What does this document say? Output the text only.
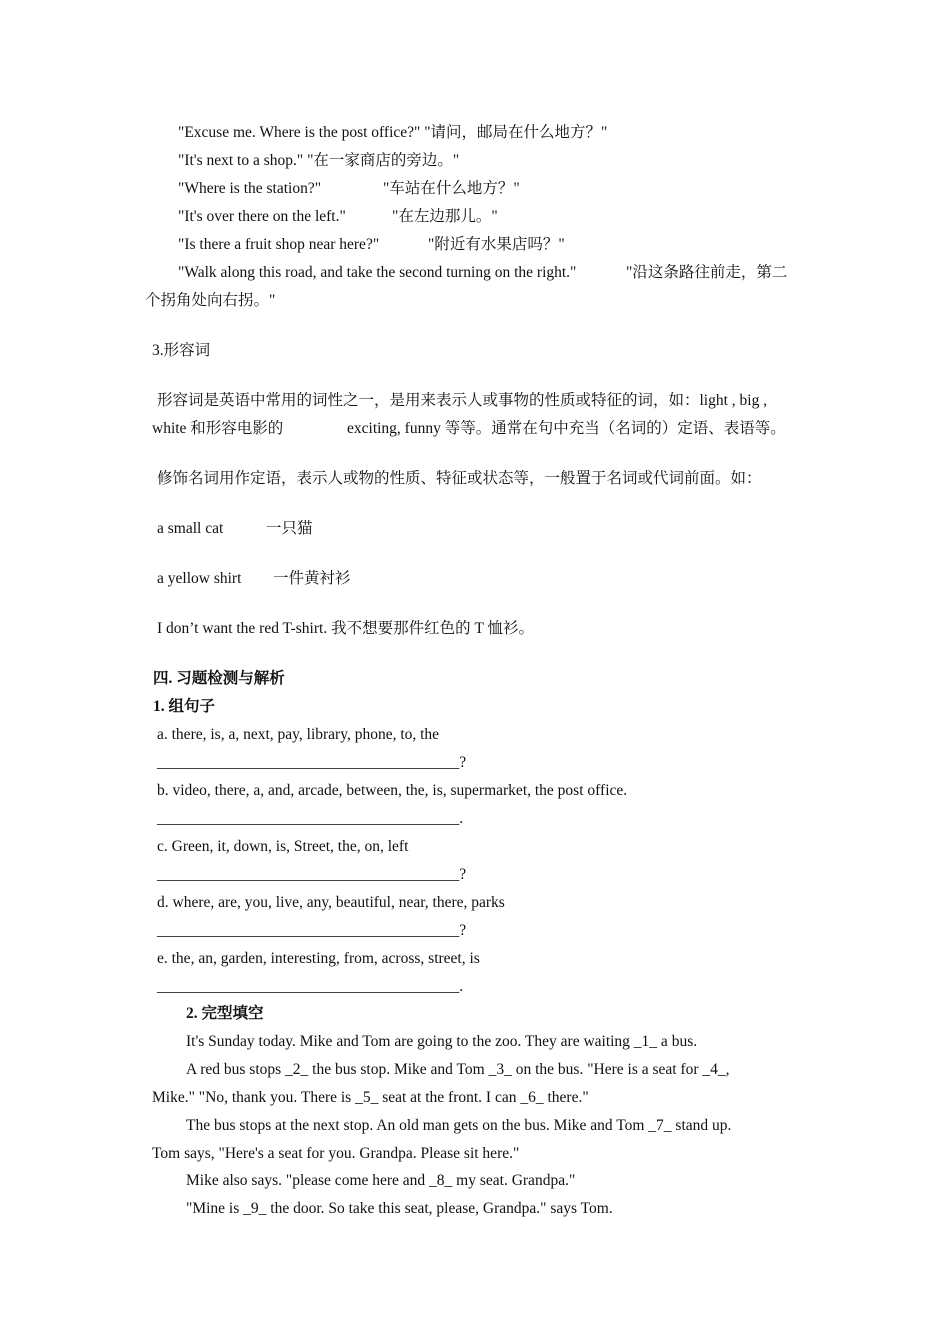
"Excuse me. Where is the post office?" "请问，邮局在什么地方？"
"It's next to a shop." "在一家商店的旁边。"
"Where is the station?"	"车站在什么地方？"
"It's over there on the left."	"在左边那儿。"
"Is there a fruit shop near here?"	"附近有水果店吗？"
"Walk along this road, and take the second turning on the right."	"沿这条路往前走，第二
个拐角处向右拐。"
3.形容词
形容词是英语中常用的词性之一，是用来表示人或事物的性质或特征的词，如：light , big ,
white 和形容电影的	exciting, funny 等等。通常在句中充当（名词的）定语、表语等。
修饰名词用作定语，表示人或物的性质、特征或状态等，一般置于名词或代词前面。如：
a small cat	一只猫
a yellow shirt 一件黄衬衫
I don’t want the red T-shirt. 我不想要那件红色的 T 恤衫。
四. 习题检测与解析
1. 组句子
a. there, is, a, next, pay, library, phone, to, the
_______________________________________?
b. video, there, a, and, arcade, between, the, is, supermarket, the post office.
_______________________________________.
c. Green, it, down, is, Street, the, on, left
_______________________________________?
d. where, are, you, live, any, beautiful, near, there, parks
_______________________________________?
e. the, an, garden, interesting, from, across, street, is
_______________________________________.
2. 完型填空
It's Sunday today. Mike and Tom are going to the zoo. They are waiting _1_ a bus.
A red bus stops _2_ the bus stop. Mike and Tom _3_ on the bus. "Here is a seat for _4_,
Mike." "No, thank you. There is _5_ seat at the front. I can _6_ there."
The bus stops at the next stop. An old man gets on the bus. Mike and Tom _7_ stand up.
Tom says, "Here's a seat for you. Grandpa. Please sit here."
Mike also says. "please come here and _8_ my seat. Grandpa."
"Mine is _9_ the door. So take this seat, please, Grandpa." says Tom.
